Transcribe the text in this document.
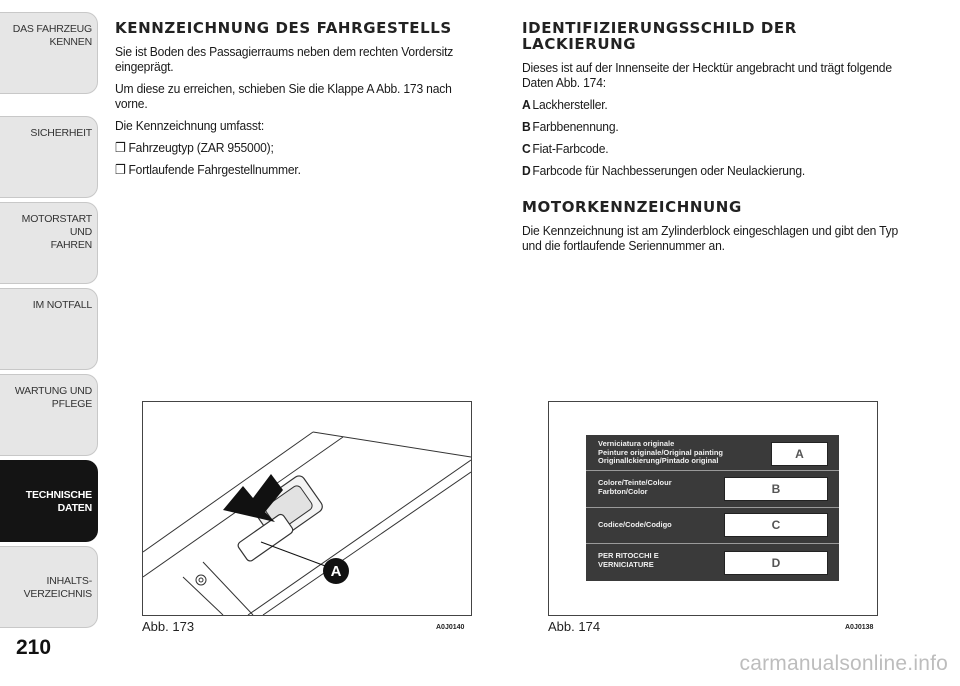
DAS FAHRZEUG
KENNEN
SICHERHEIT
MOTORSTART UND
FAHREN
IM NOTFALL
WARTUNG UND
PFLEGE
TECHNISCHE
DATEN
INHALTS-
VERZEICHNIS
210
KENNZEICHNUNG DES FAHRGESTELLS

Sie ist Boden des Passagierraums neben dem rechten Vordersitz eingeprägt.

Um diese zu erreichen, schieben Sie die Klappe A Abb. 173 nach vorne.

Die Kennzeichnung umfasst:

❒ Fahrzeugtyp (ZAR 955000);

❒ Fortlaufende Fahrgestellnummer.

IDENTIFIZIERUNGSSCHILD DER LACKIERUNG

Dieses ist auf der Innenseite der Hecktür angebracht und trägt folgende Daten Abb. 174:

A Lackhersteller.

B Farbbenennung.

C Fiat-Farbcode.

D Farbcode für Nachbesserungen oder Neulackierung.

MOTORKENNZEICHNUNG

Die Kennzeichnung ist am Zylinderblock eingeschlagen und gibt den Typ und die fortlaufende Seriennummer an.

A
Abb. 173	A0J0140
Verniciatura originale
Peinture originale/Original painting
Originallckierung/Pintado original	A
Colore/Teinte/Colour
Farbton/Color	B
Codice/Code/Codigo	C
PER RITOCCHI E
VERNICIATURE	D
Abb. 174	A0J0138
carmanualsonline.info
